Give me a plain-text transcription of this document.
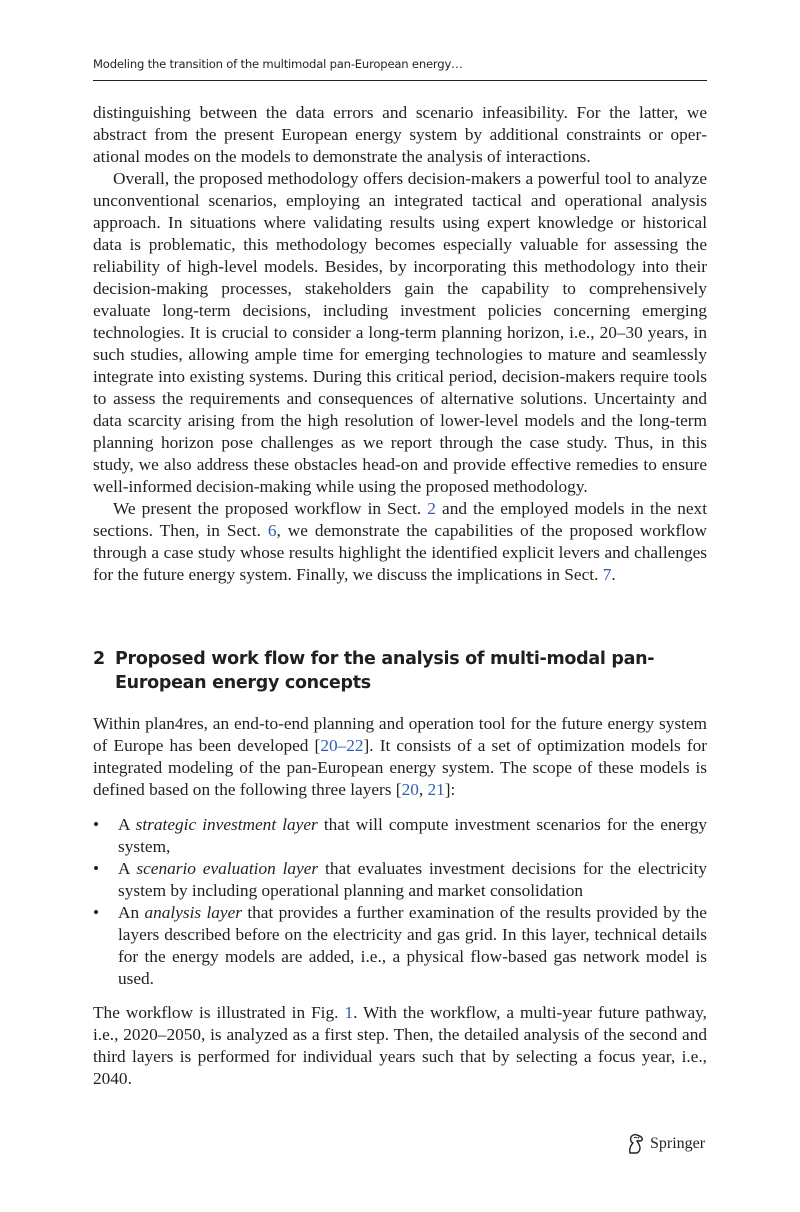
Modeling the transition of the multimodal pan-European energy…

distinguishing between the data errors and scenario infeasibility. For the latter, we abstract from the present European energy system by additional constraints or operational modes on the models to demonstrate the analysis of interactions.

Overall, the proposed methodology offers decision-makers a powerful tool to analyze unconventional scenarios, employing an integrated tactical and operational analysis approach. In situations where validating results using expert knowledge or historical data is problematic, this methodology becomes especially valuable for assessing the reliability of high-level models. Besides, by incorporating this methodology into their decision-making processes, stakeholders gain the capability to comprehensively evaluate long-term decisions, including investment policies concerning emerging technologies. It is crucial to consider a long-term planning horizon, i.e., 20–30 years, in such studies, allowing ample time for emerging technologies to mature and seamlessly integrate into existing systems. During this critical period, decision-makers require tools to assess the requirements and consequences of alternative solutions. Uncertainty and data scarcity arising from the high resolution of lower-level models and the long-term planning horizon pose challenges as we report through the case study. Thus, in this study, we also address these obstacles head-on and provide effective remedies to ensure well-informed decision-making while using the proposed methodology.

We present the proposed workflow in Sect. 2 and the employed models in the next sections. Then, in Sect. 6, we demonstrate the capabilities of the proposed workflow through a case study whose results highlight the identified explicit levers and challenges for the future energy system. Finally, we discuss the implications in Sect. 7.

2 Proposed work flow for the analysis of multi-modal pan-European energy concepts

Within plan4res, an end-to-end planning and operation tool for the future energy system of Europe has been developed [20–22]. It consists of a set of optimization models for integrated modeling of the pan-European energy system. The scope of these models is defined based on the following three layers [20, 21]:

• A strategic investment layer that will compute investment scenarios for the energy system,
• A scenario evaluation layer that evaluates investment decisions for the electricity system by including operational planning and market consolidation
• An analysis layer that provides a further examination of the results provided by the layers described before on the electricity and gas grid. In this layer, technical details for the energy models are added, i.e., a physical flow-based gas network model is used.

The workflow is illustrated in Fig. 1. With the workflow, a multi-year future pathway, i.e., 2020–2050, is analyzed as a first step. Then, the detailed analysis of the second and third layers is performed for individual years such that by selecting a focus year, i.e., 2040.

Springer
